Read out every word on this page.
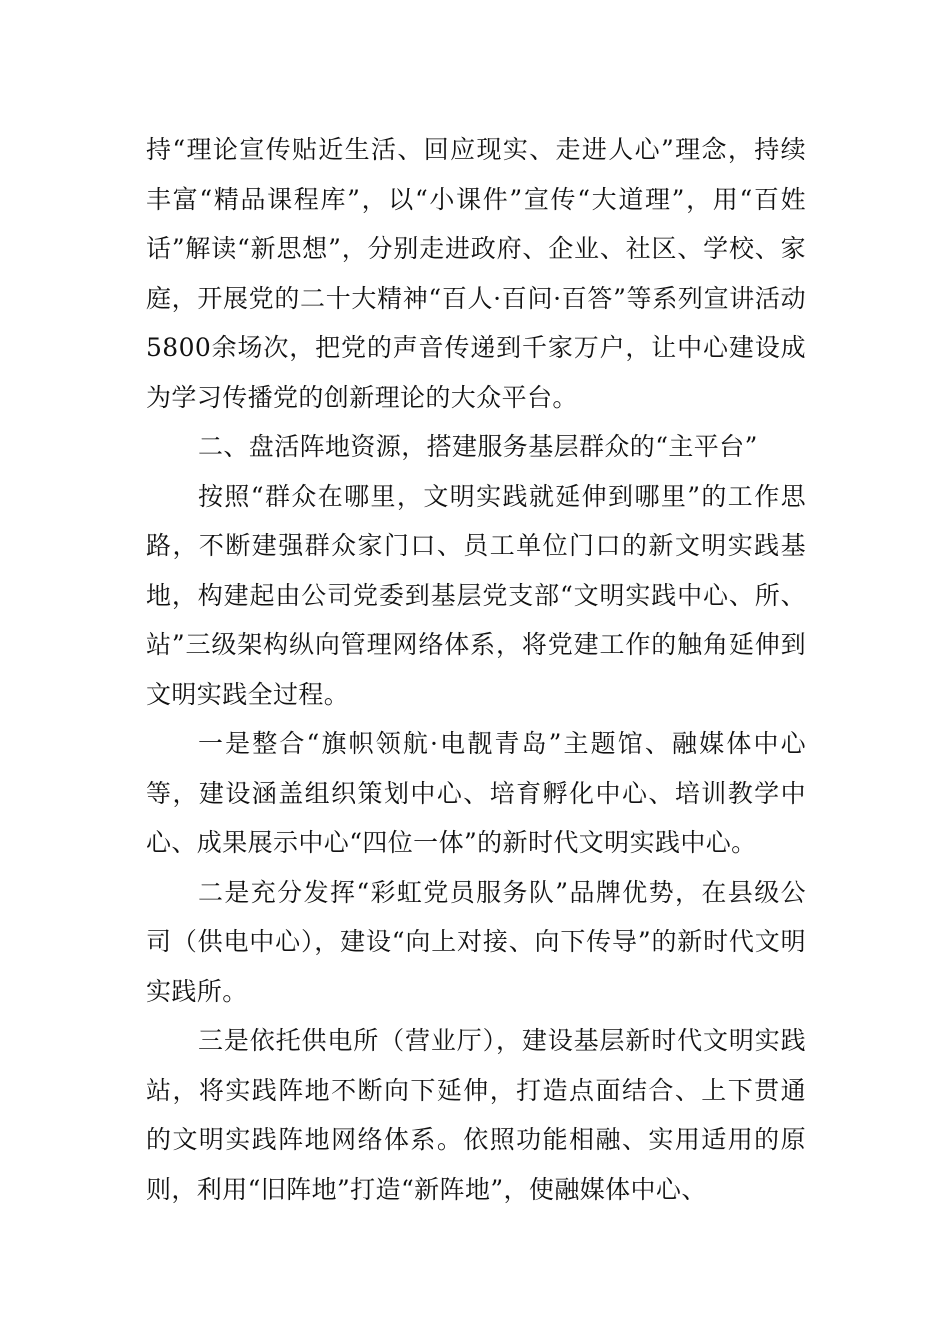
持“理论宣传贴近生活、回应现实、走进人心”理念，持续丰富“精品课程库”，以“小课件”宣传“大道理”，用“百姓话”解读“新思想”，分别走进政府、企业、社区、学校、家庭，开展党的二十大精神“百人·百问·百答”等系列宣讲活动5800余场次，把党的声音传递到千家万户，让中心建设成为学习传播党的创新理论的大众平台。

二、盘活阵地资源，搭建服务基层群众的“主平台”

按照“群众在哪里，文明实践就延伸到哪里”的工作思路，不断建强群众家门口、员工单位门口的新文明实践基地，构建起由公司党委到基层党支部“文明实践中心、所、站”三级架构纵向管理网络体系，将党建工作的触角延伸到文明实践全过程。

一是整合“旗帜领航·电靓青岛”主题馆、融媒体中心等，建设涵盖组织策划中心、培育孵化中心、培训教学中心、成果展示中心“四位一体”的新时代文明实践中心。

二是充分发挥“彩虹党员服务队”品牌优势，在县级公司（供电中心），建设“向上对接、向下传导”的新时代文明实践所。

三是依托供电所（营业厅），建设基层新时代文明实践站，将实践阵地不断向下延伸，打造点面结合、上下贯通的文明实践阵地网络体系。依照功能相融、实用适用的原则，利用“旧阵地”打造“新阵地”，使融媒体中心、
